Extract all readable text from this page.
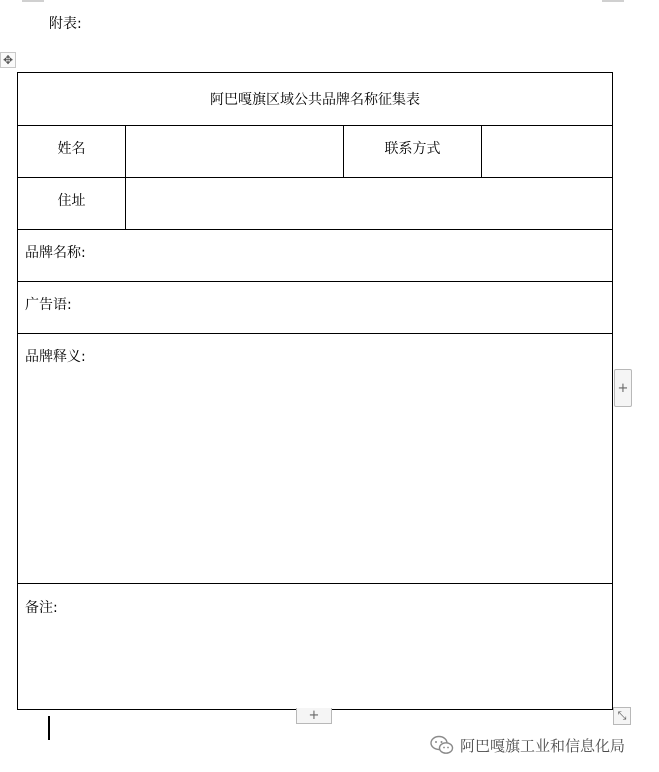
附表:
✥
阿巴嘎旗区域公共品牌名称征集表			
姓名		联系方式	
住址			
品牌名称:			
广告语:			
品牌释义:			
备注:			
+
+	⤡
阿巴嘎旗工业和信息化局
